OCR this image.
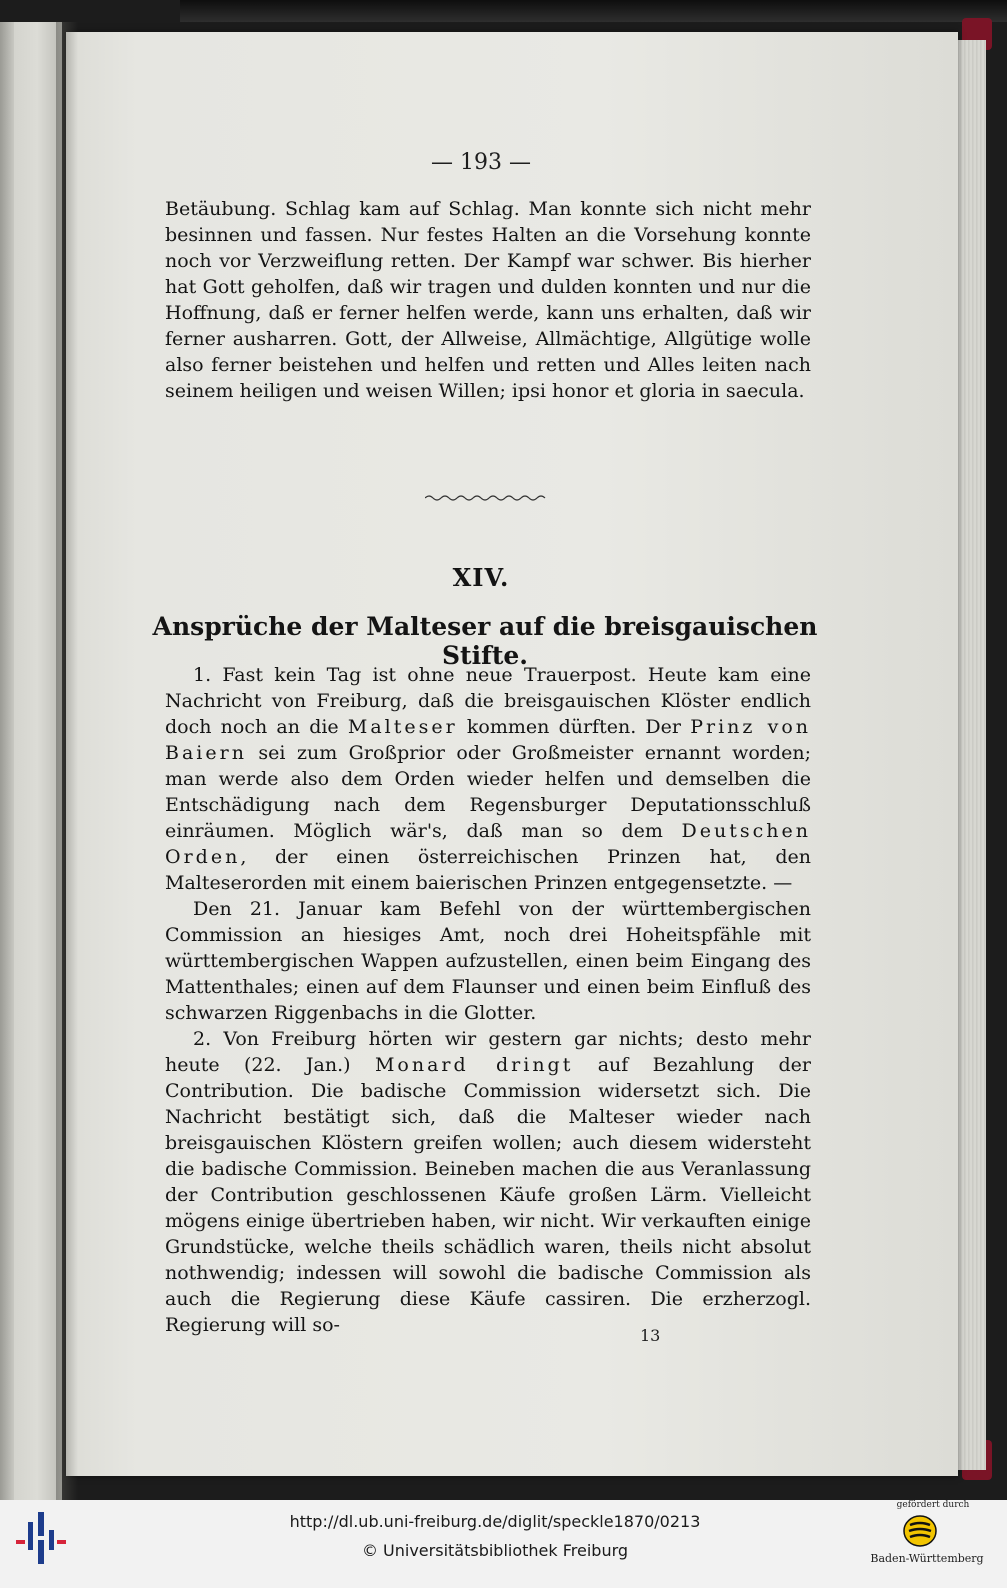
— 193 —

Betäubung. Schlag kam auf Schlag. Man konnte sich nicht mehr besinnen und fassen. Nur festes Halten an die Vorsehung konnte noch vor Verzweiflung retten. Der Kampf war schwer. Bis hierher hat Gott geholfen, daß wir tragen und dulden konnten und nur die Hoffnung, daß er ferner helfen werde, kann uns erhalten, daß wir ferner ausharren. Gott, der Allweise, Allmächtige, Allgütige wolle also ferner beistehen und helfen und retten und Alles leiten nach seinem heiligen und weisen Willen; ipsi honor et gloria in saecula.

XIV.
Ansprüche der Malteser auf die breisgauischen Stifte.

1. Fast kein Tag ist ohne neue Trauerpost. Heute kam eine Nachricht von Freiburg, daß die breisgauischen Klöster endlich doch noch an die Malteser kommen dürften. Der Prinz von Baiern sei zum Großprior oder Großmeister ernannt worden; man werde also dem Orden wieder helfen und demselben die Entschädigung nach dem Regensburger Deputationsschluß einräumen. Möglich wär's, daß man so dem Deutschen Orden, der einen österreichischen Prinzen hat, den Malteserorden mit einem baierischen Prinzen entgegensetzte. —

Den 21. Januar kam Befehl von der württembergischen Commission an hiesiges Amt, noch drei Hoheitspfähle mit württembergischen Wappen aufzustellen, einen beim Eingang des Mattenthales; einen auf dem Flaunser und einen beim Einfluß des schwarzen Riggenbachs in die Glotter.

2. Von Freiburg hörten wir gestern gar nichts; desto mehr heute (22. Jan.) Monard dringt auf Bezahlung der Contribution. Die badische Commission widersetzt sich. Die Nachricht bestätigt sich, daß die Malteser wieder nach breisgauischen Klöstern greifen wollen; auch diesem widersteht die badische Commission. Beineben machen die aus Veranlassung der Contribution geschlossenen Käufe großen Lärm. Vielleicht mögens einige übertrieben haben, wir nicht. Wir verkauften einige Grundstücke, welche theils schädlich waren, theils nicht absolut nothwendig; indessen will sowohl die badische Commission als auch die Regierung diese Käufe cassiren. Die erzherzogl. Regierung will so-	13
http://dl.ub.uni-freiburg.de/diglit/speckle1870/0213
© Universitätsbibliothek Freiburg
gefördert durch
Baden-Württemberg
